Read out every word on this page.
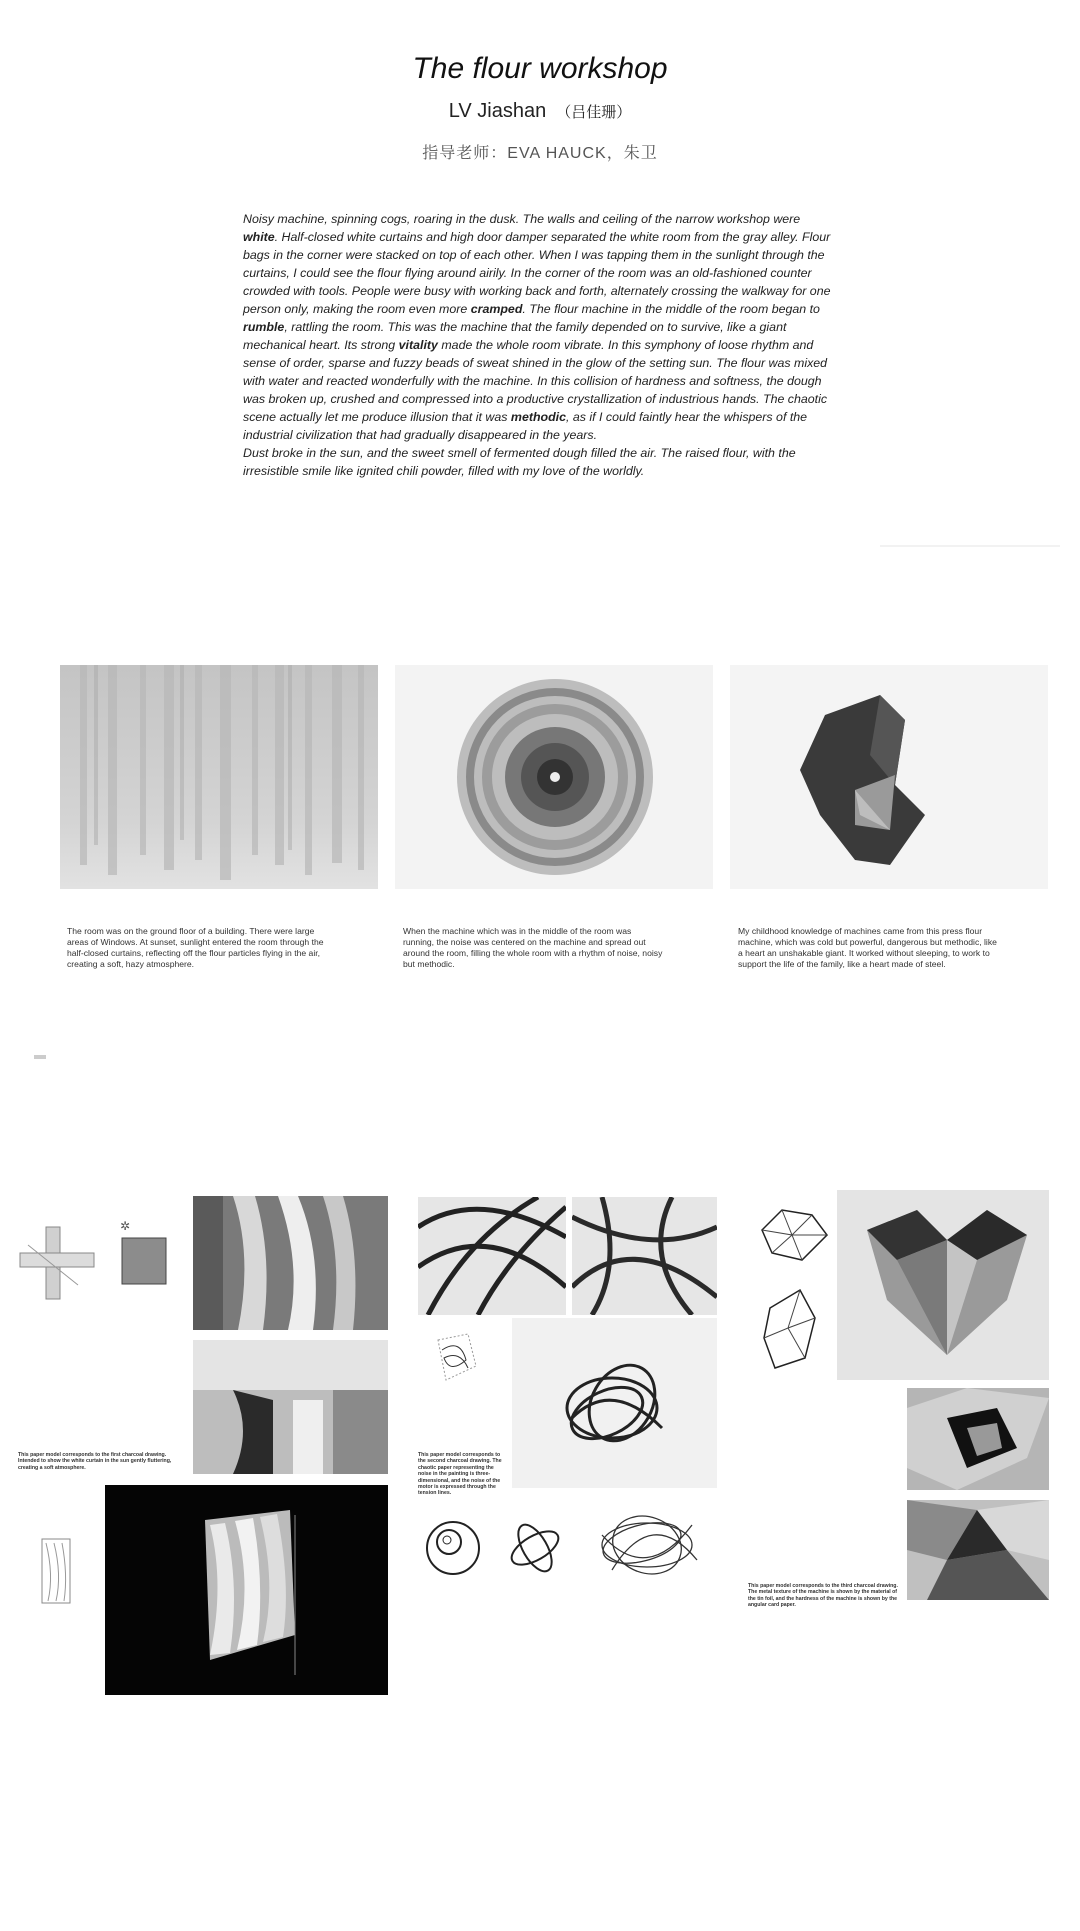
The flour workshop
LV Jiashan （吕佳珊）
指导老师：EVA HAUCK，朱卫

Noisy machine, spinning cogs, roaring in the dusk. The walls and ceiling of the narrow workshop were white. Half-closed white curtains and high door damper separated the white room from the gray alley. Flour bags in the corner were stacked on top of each other. When I was tapping them in the sunlight through the curtains, I could see the flour flying around airily. In the corner of the room was an old-fashioned counter crowded with tools. People were busy with working back and forth, alternately crossing the walkway for one person only, making the room even more cramped. The flour machine in the middle of the room began to rumble, rattling the room. This was the machine that the family depended on to survive, like a giant mechanical heart. Its strong vitality made the whole room vibrate. In this symphony of loose rhythm and sense of order, sparse and fuzzy beads of sweat shined in the glow of the setting sun. The flour was mixed with water and reacted wonderfully with the machine. In this collision of hardness and softness, the dough was broken up, crushed and compressed into a productive crystallization of industrious hands. The chaotic scene actually let me produce illusion that it was methodic, as if I could faintly hear the whispers of the industrial civilization that had gradually disappeared in the years.

Dust broke in the sun, and the sweet smell of fermented dough filled the air. The raised flour, with the irresistible smile like ignited chili powder, filled with my love of the worldly.

The room was on the ground floor of a building. There were large areas of Windows. At sunset, sunlight entered the room through the half-closed curtains, reflecting off the flour particles flying in the air, creating a soft, hazy atmosphere.
When the machine which was in the middle of the room was running, the noise was centered on the machine and spread out around the room, filling the whole room with a rhythm of noise, noisy but methodic.
My childhood knowledge of machines came from this press flour machine, which was cold but powerful, dangerous but methodic, like a heart an unshakable giant. It worked without sleeping, to work to support the life of the family, like a heart made of steel.
✲
This paper model corresponds to the first charcoal drawing. Intended to show the white curtain in the sun gently fluttering, creating a soft atmosphere.
This paper model corresponds to the second charcoal drawing. The chaotic paper representing the noise in the painting is three-dimensional, and the noise of the motor is expressed through the tension lines.
This paper model corresponds to the third charcoal drawing. The metal texture of the machine is shown by the material of the tin foil, and the hardness of the machine is shown by the angular card paper.
